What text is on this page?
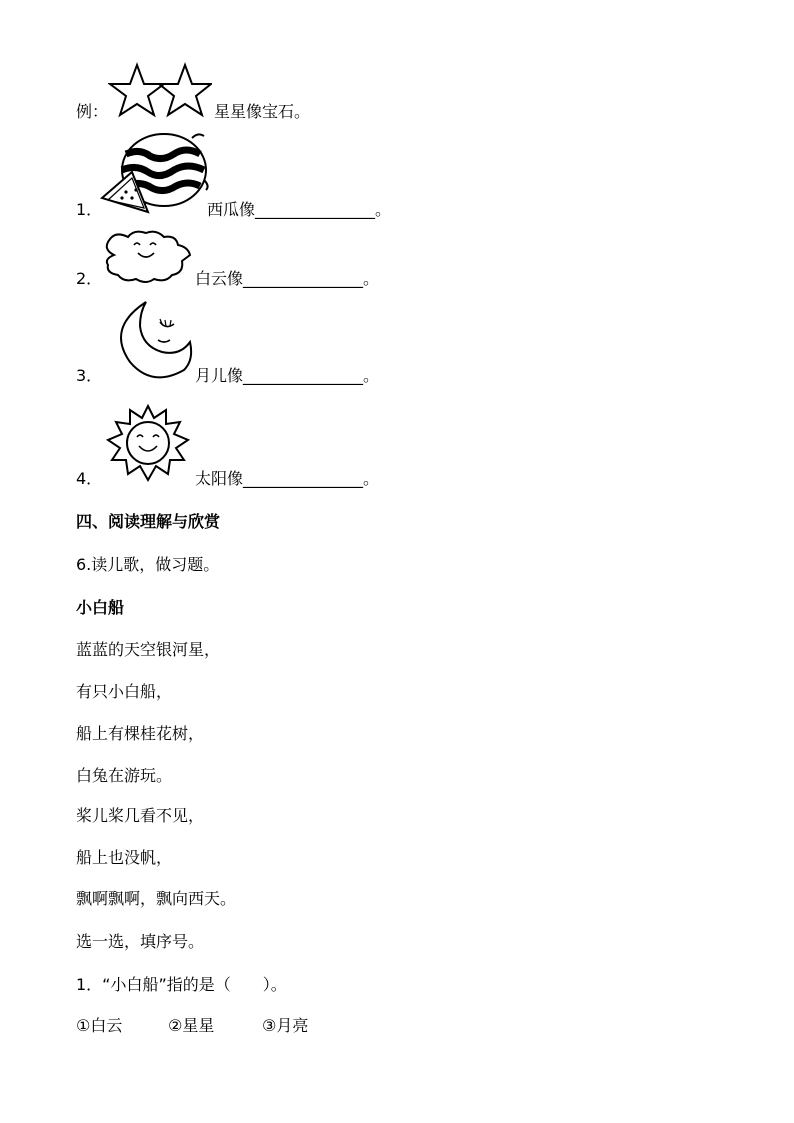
例：	星星像宝石。
1．	西瓜像_______________。
2．	白云像_______________。
3．	月儿像_______________。
4．	太阳像_______________。
四、阅读理解与欣赏
6.读儿歌，做习题。
小白船
蓝蓝的天空银河星，
有只小白船，
船上有棵桂花树，
白兔在游玩。
桨儿桨几看不见，
船上也没帆，
飘啊飘啊，飘向西天。
选一选，填序号。
1．“小白船”指的是（　　）。
①白云	②星星	③月亮
